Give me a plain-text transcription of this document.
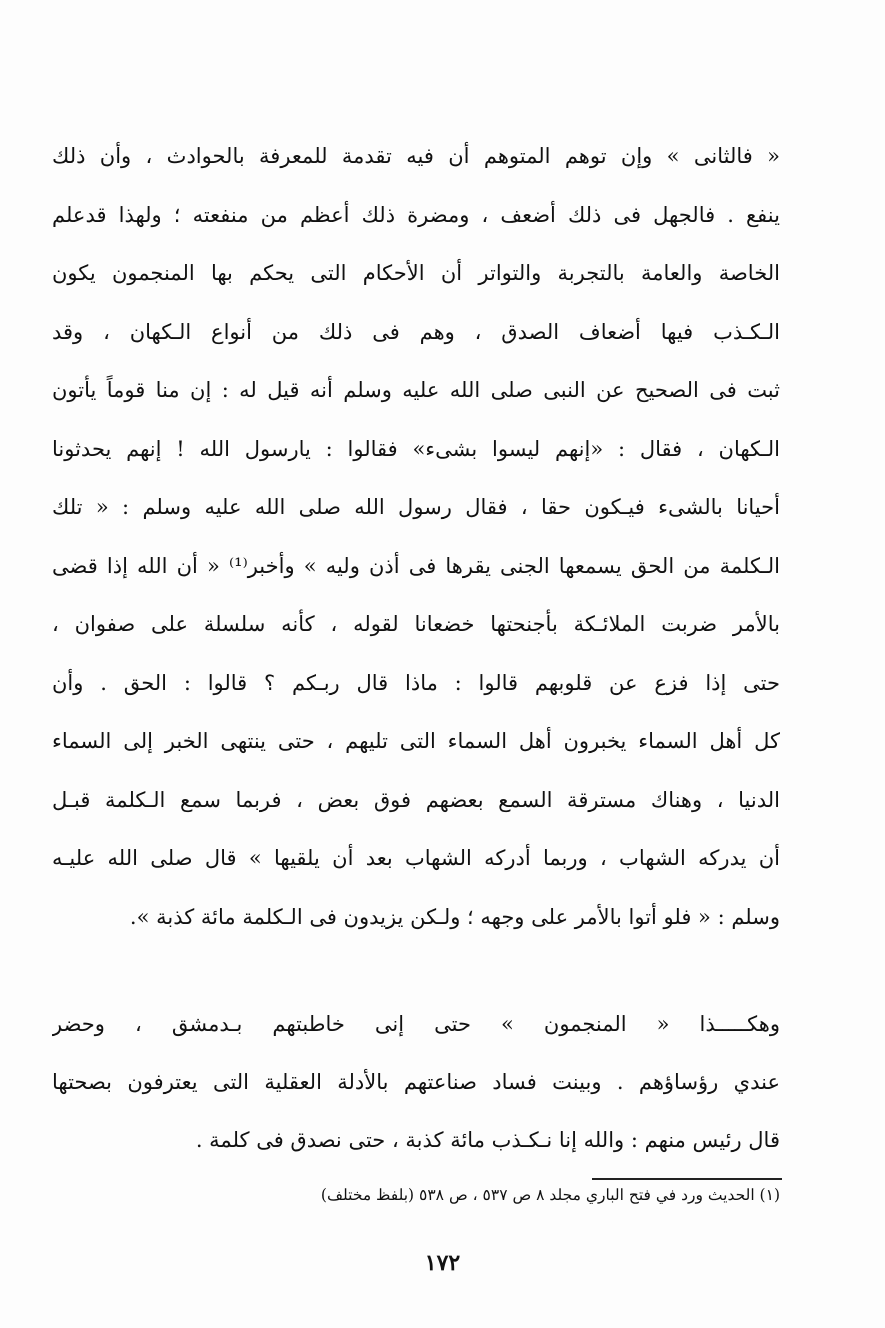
« فالثانى » وإن توهم المتوهم أن فيه تقدمة للمعرفة بالحوادث ، وأن ذلك
ينفع . فالجهل فى ذلك أضعف ، ومضرة ذلك أعظم من منفعته ؛ ولهذا قدعلم
الخاصة والعامة بالتجربة والتواتر أن الأحكام التى يحكم بها المنجمون يكون
الـكـذب فيها أضعاف الصدق ، وهم فى ذلك من أنواع الـكهان ، وقد
ثبت فى الصحيح عن النبى صلى الله عليه وسلم أنه قيل له : إن منا قوماً يأتون
الـكهان ، فقال : «إنهم ليسوا بشىء» فقالوا : يارسول الله ! إنهم يحدثونا
أحيانا بالشىء فيـكون حقا ، فقال رسول الله صلى الله عليه وسلم : « تلك
الـكلمة من الحق يسمعها الجنى يقرها فى أذن وليه » وأخبر⁽¹⁾ « أن الله إذا قضى
بالأمر ضربت الملائـكة بأجنحتها خضعانا لقوله ، كأنه سلسلة على صفوان ،
حتى إذا فزع عن قلوبهم قالوا : ماذا قال ربـكم ؟ قالوا : الحق . وأن
كل أهل السماء يخبرون أهل السماء التى تليهم ، حتى ينتهى الخبر إلى السماء
الدنيا ، وهناك مسترقة السمع بعضهم فوق بعض ، فربما سمع الـكلمة قبـل
أن يدركه الشهاب ، وربما أدركه الشهاب بعد أن يلقيها » قال صلى الله عليـه
وسلم : « فلو أتوا بالأمر على وجهه ؛ ولـكن يزيدون فى الـكلمة مائة كذبة ».
وهكـــــذا « المنجمون » حتى إنى خاطبتهم بـدمشق ، وحضر
عندي رؤساؤهم . وبينت فساد صناعتهم بالأدلة العقلية التى يعترفون بصحتها
قال رئيس منهم : والله إنا نـكـذب مائة كذبة ، حتى نصدق فى كلمة .
(١) الحديث ورد في فتح الباري مجلد ٨ ص ٥٣٧ ، ص ٥٣٨ (بلفظ مختلف)
١٧٢
